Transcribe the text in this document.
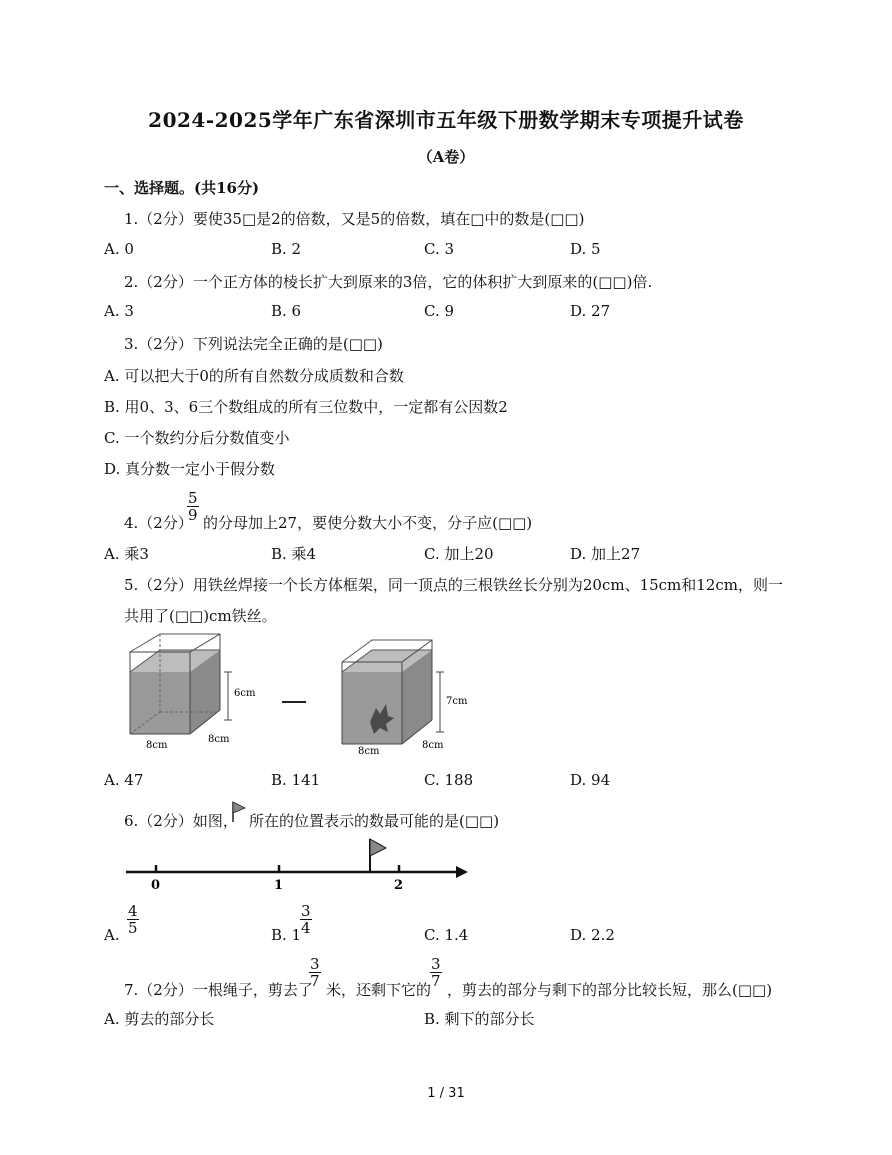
2024-2025学年广东省深圳市五年级下册数学期末专项提升试卷
（A卷）
一、选择题。(共16分)
1.（2分）要使35□是2的倍数，又是5的倍数，填在□中的数是(□□)
A. 0	B. 2	C. 3	D. 5
2.（2分）一个正方体的棱长扩大到原来的3倍，它的体积扩大到原来的(□□)倍.
A. 3	B. 6	C. 9	D. 27
3.（2分）下列说法完全正确的是(□□)
A. 可以把大于0的所有自然数分成质数和合数
B. 用0、3、6三个数组成的所有三位数中，一定都有公因数2
C. 一个数约分后分数值变小
D. 真分数一定小于假分数
4.（2分）
$\frac{5}{9}$ 的分母加上27，要使分数大小不变，分子应(□□)
A. 乘3	B. 乘4	C. 加上20	D. 加上27
5.（2分）用铁丝焊接一个长方体框架，同一顶点的三根铁丝长分别为20cm、15cm和12cm，则一
共用了(□□)cm铁丝。
6cm
8cm
8cm
7cm
8cm
8cm
A. 47	B. 141	C. 188	D. 94
6.（2分）如图， 所在的位置表示的数最可能的是(□□)
0	1	2
A. $\frac{4}{5}$	B. 1
$\frac{3}{4}$	C. 1.4	D. 2.2
7.（2分）一根绳子，剪去了
$\frac{3}{7}$
米，还剩下它的
$\frac{3}{7}$
，剪去的部分与剩下的部分比较长短，那么(□□)
A. 剪去的部分长	B. 剩下的部分长
1 / 31
